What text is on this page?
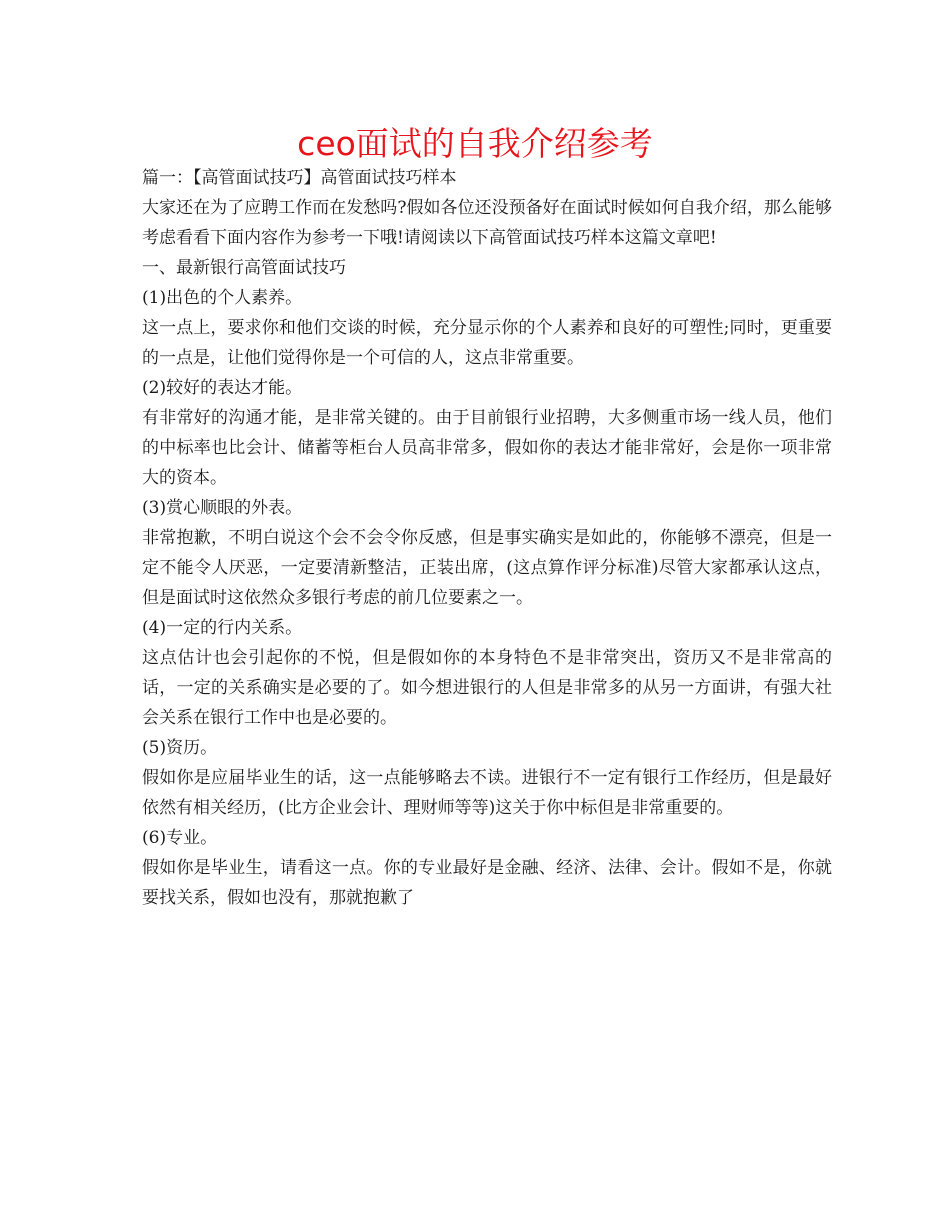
ceo面试的自我介绍参考

篇一：【高管面试技巧】高管面试技巧样本

大家还在为了应聘工作而在发愁吗?假如各位还没预备好在面试时候如何自我介绍，那么能够考虑看看下面内容作为参考一下哦!请阅读以下高管面试技巧样本这篇文章吧!

一、最新银行高管面试技巧

(1)出色的个人素养。

这一点上，要求你和他们交谈的时候，充分显示你的个人素养和良好的可塑性;同时，更重要的一点是，让他们觉得你是一个可信的人，这点非常重要。

(2)较好的表达才能。

有非常好的沟通才能，是非常关键的。由于目前银行业招聘，大多侧重市场一线人员，他们的中标率也比会计、储蓄等柜台人员高非常多，假如你的表达才能非常好，会是你一项非常大的资本。

(3)赏心顺眼的外表。

非常抱歉，不明白说这个会不会令你反感，但是事实确实是如此的，你能够不漂亮，但是一定不能令人厌恶，一定要清新整洁，正装出席，(这点算作评分标准)尽管大家都承认这点，但是面试时这依然众多银行考虑的前几位要素之一。

(4)一定的行内关系。

这点估计也会引起你的不悦，但是假如你的本身特色不是非常突出，资历又不是非常高的话，一定的关系确实是必要的了。如今想进银行的人但是非常多的从另一方面讲，有强大社会关系在银行工作中也是必要的。

(5)资历。

假如你是应届毕业生的话，这一点能够略去不读。进银行不一定有银行工作经历，但是最好依然有相关经历，(比方企业会计、理财师等等)这关于你中标但是非常重要的。

(6)专业。

假如你是毕业生，请看这一点。你的专业最好是金融、经济、法律、会计。假如不是，你就要找关系，假如也没有，那就抱歉了
